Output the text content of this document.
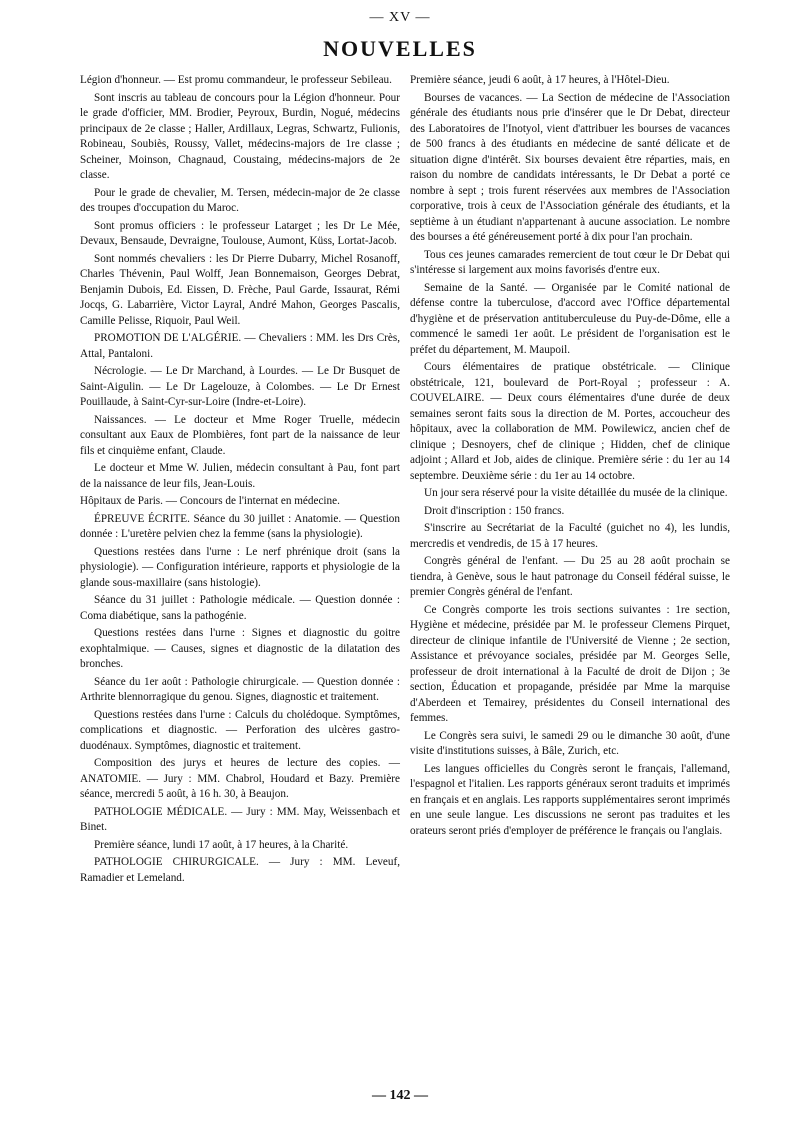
— XV —
NOUVELLES

Légion d'honneur. — Est promu commandeur, le professeur Sebileau.

Sont inscris au tableau de concours pour la Légion d'honneur. Pour le grade d'officier, MM. Brodier, Peyroux, Burdin, Nogué, médecins principaux de 2e classe ; Haller, Ardillaux, Legras, Schwartz, Fulionis, Robineau, Soubiès, Roussy, Vallet, médecins-majors de 1re classe ; Scheiner, Moinson, Chagnaud, Coustaing, médecins-majors de 2e classe.

Pour le grade de chevalier, M. Tersen, médecin-major de 2e classe des troupes d'occupation du Maroc.

Sont promus officiers : le professeur Latarget ; les Dr Le Mée, Devaux, Bensaude, Devraigne, Toulouse, Aumont, Küss, Lortat-Jacob.

Sont nommés chevaliers : les Dr Pierre Dubarry, Michel Rosanoff, Charles Thévenin, Paul Wolff, Jean Bonnemaison, Georges Debrat, Benjamin Dubois, Ed. Eissen, D. Frèche, Paul Garde, Issaurat, Rémi Jocqs, G. Labarrière, Victor Layral, André Mahon, Georges Pascalis, Camille Pelisse, Riquoir, Paul Weil.

PROMOTION DE L'ALGÉRIE. — Chevaliers : MM. les Drs Crès, Attal, Pantaloni.

Nécrologie. — Le Dr Marchand, à Lourdes. — Le Dr Busquet de Saint-Aigulin. — Le Dr Lagelouze, à Colombes. — Le Dr Ernest Pouillaude, à Saint-Cyr-sur-Loire (Indre-et-Loire).

Naissances. — Le docteur et Mme Roger Truelle, médecin consultant aux Eaux de Plombières, font part de la naissance de leur fils et cinquième enfant, Claude.

Le docteur et Mme W. Julien, médecin consultant à Pau, font part de la naissance de leur fils, Jean-Louis.

Hôpitaux de Paris. — Concours de l'internat en médecine.

ÉPREUVE ÉCRITE. Séance du 30 juillet : Anatomie. — Question donnée : L'uretère pelvien chez la femme (sans la physiologie).

Questions restées dans l'urne : Le nerf phrénique droit (sans la physiologie). — Configuration intérieure, rapports et physiologie de la glande sous-maxillaire (sans histologie).

Séance du 31 juillet : Pathologie médicale. — Question donnée : Coma diabétique, sans la pathogénie.

Questions restées dans l'urne : Signes et diagnostic du goitre exophtalmique. — Causes, signes et diagnostic de la dilatation des bronches.

Séance du 1er août : Pathologie chirurgicale. — Question donnée : Arthrite blennorragique du genou. Signes, diagnostic et traitement.

Questions restées dans l'urne : Calculs du cholédoque. Symptômes, complications et diagnostic. — Perforation des ulcères gastro-duodénaux. Symptômes, diagnostic et traitement.

Composition des jurys et heures de lecture des copies. — ANATOMIE. — Jury : MM. Chabrol, Houdard et Bazy. Première séance, mercredi 5 août, à 16 h. 30, à Beaujon.

PATHOLOGIE MÉDICALE. — Jury : MM. May, Weissenbach et Binet.

Première séance, lundi 17 août, à 17 heures, à la Charité.

PATHOLOGIE CHIRURGICALE. — Jury : MM. Leveuf, Ramadier et Lemeland.

Première séance, jeudi 6 août, à 17 heures, à l'Hôtel-Dieu.

Bourses de vacances. — La Section de médecine de l'Association générale des étudiants nous prie d'insérer que le Dr Debat, directeur des Laboratoires de l'Inotyol, vient d'attribuer les bourses de vacances de 500 francs à des étudiants en médecine de santé délicate et de situation digne d'intérêt. Six bourses devaient être réparties, mais, en raison du nombre de candidats intéressants, le Dr Debat a porté ce nombre à sept ; trois furent réservées aux membres de l'Association corporative, trois à ceux de l'Association générale des étudiants, et la septième à un étudiant n'appartenant à aucune association. Le nombre des bourses a été généreusement porté à dix pour l'an prochain.

Tous ces jeunes camarades remercient de tout cœur le Dr Debat qui s'intéresse si largement aux moins favorisés d'entre eux.

Semaine de la Santé. — Organisée par le Comité national de défense contre la tuberculose, d'accord avec l'Office départemental d'hygiène et de préservation antituberculeuse du Puy-de-Dôme, elle a commencé le samedi 1er août. Le président de l'organisation est le préfet du département, M. Maupoil.

Cours élémentaires de pratique obstétricale. — Clinique obstétricale, 121, boulevard de Port-Royal ; professeur : A. COUVELAIRE. — Deux cours élémentaires d'une durée de deux semaines seront faits sous la direction de M. Portes, accoucheur des hôpitaux, avec la collaboration de MM. Powilewicz, ancien chef de clinique ; Desnoyers, chef de clinique ; Hidden, chef de clinique adjoint ; Allard et Job, aides de clinique. Première série : du 1er au 14 septembre. Deuxième série : du 1er au 14 octobre.

Un jour sera réservé pour la visite détaillée du musée de la clinique.

Droit d'inscription : 150 francs.

S'inscrire au Secrétariat de la Faculté (guichet no 4), les lundis, mercredis et vendredis, de 15 à 17 heures.

Congrès général de l'enfant. — Du 25 au 28 août prochain se tiendra, à Genève, sous le haut patronage du Conseil fédéral suisse, le premier Congrès général de l'enfant.

Ce Congrès comporte les trois sections suivantes : 1re section, Hygiène et médecine, présidée par M. le professeur Clemens Pirquet, directeur de clinique infantile de l'Université de Vienne ; 2e section, Assistance et prévoyance sociales, présidée par M. Georges Selle, professeur de droit international à la Faculté de droit de Dijon ; 3e section, Éducation et propagande, présidée par Mme la marquise d'Aberdeen et Temairey, présidentes du Conseil international des femmes.

Le Congrès sera suivi, le samedi 29 ou le dimanche 30 août, d'une visite d'institutions suisses, à Bâle, Zurich, etc.

Les langues officielles du Congrès seront le français, l'allemand, l'espagnol et l'italien. Les rapports généraux seront traduits et imprimés en français et en anglais. Les rapports supplémentaires seront imprimés en une seule langue. Les discussions ne seront pas traduites et les orateurs seront priés d'employer de préférence le français ou l'anglais.

— 142 —
